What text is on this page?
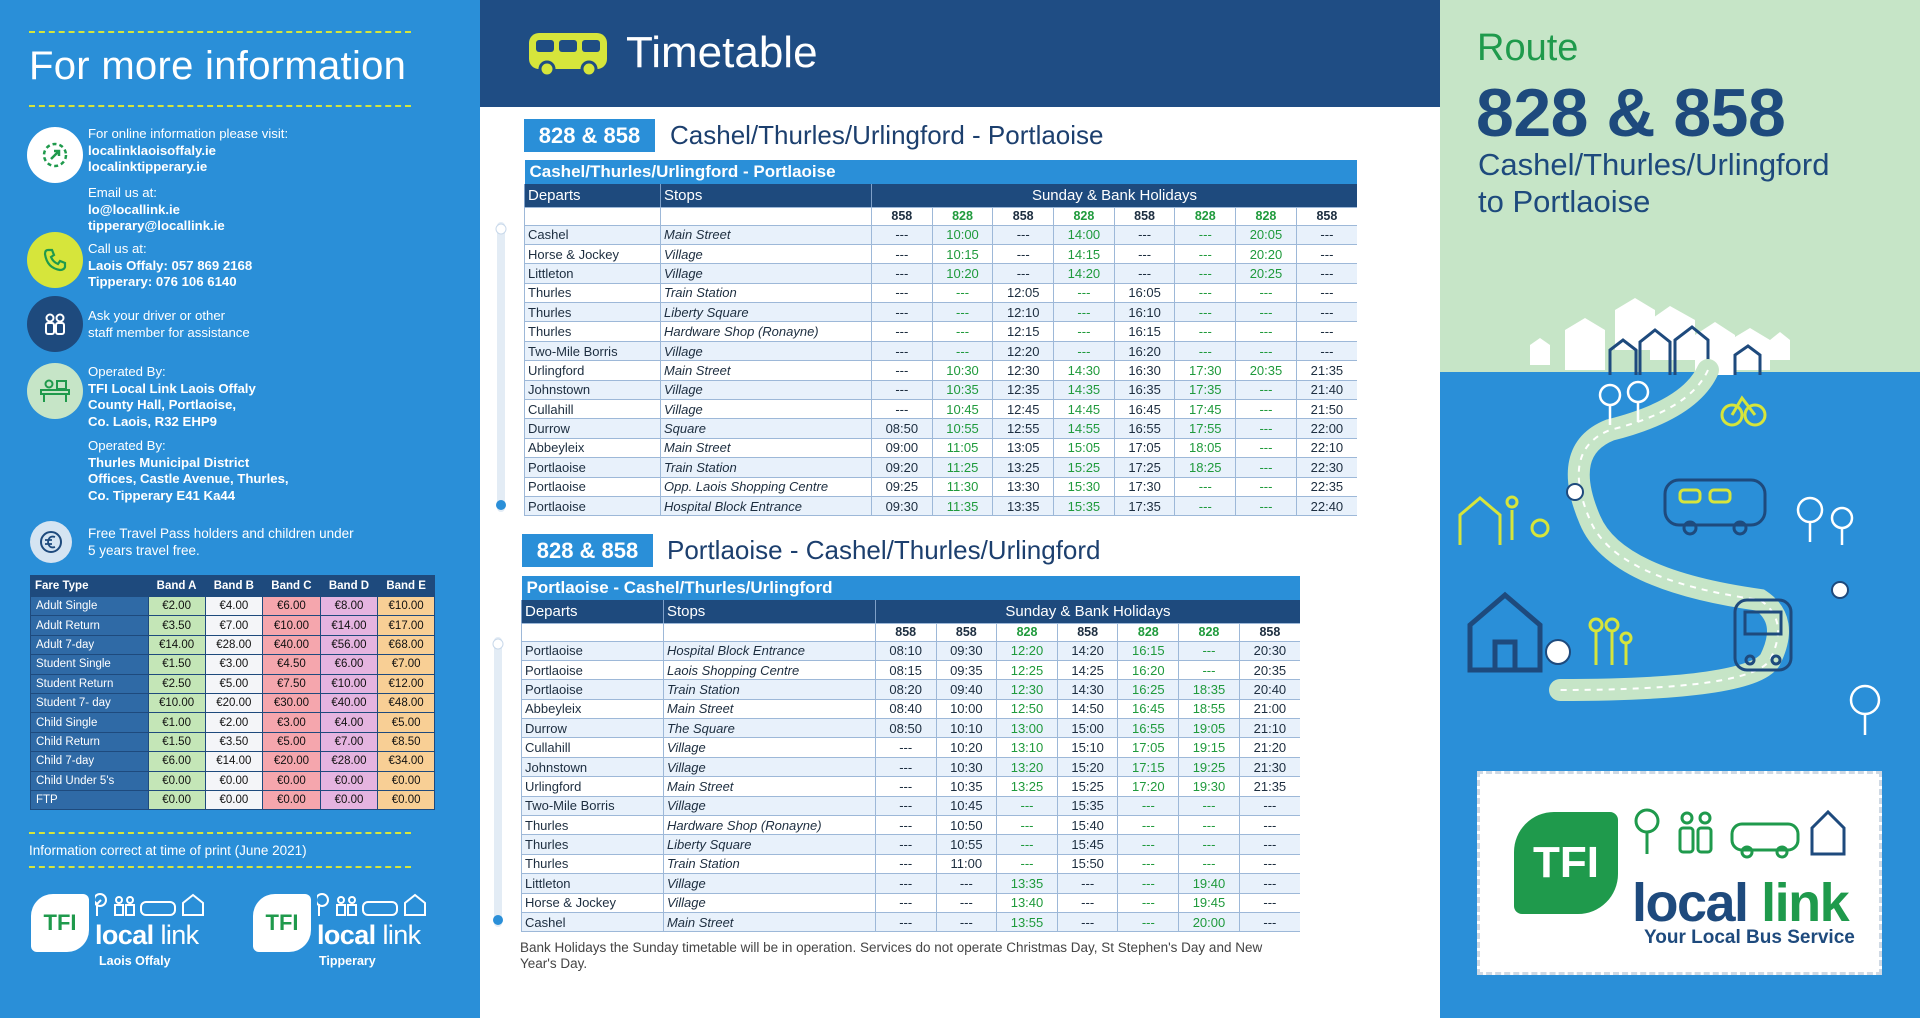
For more information
For online information please visit:
localinklaoisoffaly.ie
localinktipperary.ie
Email us at:
lo@locallink.ie
tipperary@locallink.ie
Call us at:
Laois Offaly: 057 869 2168
Tipperary: 076 106 6140
Ask your driver or other
staff member for assistance
Operated By:
TFI Local Link Laois Offaly
County Hall, Portlaoise,
Co. Laois, R32 EHP9
Operated By:
Thurles Municipal District
Offices, Castle Avenue, Thurles,
Co. Tipperary E41 Ka44
Free Travel Pass holders and children under
5 years travel free.
Fare Type	Band A	Band B	Band C	Band D	Band E
Adult Single	€2.00	€4.00	€6.00	€8.00	€10.00
Adult Return	€3.50	€7.00	€10.00	€14.00	€17.00
Adult 7-day	€14.00	€28.00	€40.00	€56.00	€68.00
Student Single	€1.50	€3.00	€4.50	€6.00	€7.00
Student Return	€2.50	€5.00	€7.50	€10.00	€12.00
Student 7- day	€10.00	€20.00	€30.00	€40.00	€48.00
Child Single	€1.00	€2.00	€3.00	€4.00	€5.00
Child Return	€1.50	€3.50	€5.00	€7.00	€8.50
Child 7-day	€6.00	€14.00	€20.00	€28.00	€34.00
Child Under 5's	€0.00	€0.00	€0.00	€0.00	€0.00
FTP	€0.00	€0.00	€0.00	€0.00	€0.00
Information correct at time of print (June 2021)
TFI local link
Laois Offaly
TFI local link
Tipperary
Timetable
828 & 858	Cashel/Thurles/Urlingford - Portlaoise
Cashel/Thurles/Urlingford - Portlaoise									
Departs	Stops	Sunday & Bank Holidays							
		858	828	858	828	858	828	828	858
Cashel	Main Street	---	10:00	---	14:00	---	---	20:05	---
Horse & Jockey	Village	---	10:15	---	14:15	---	---	20:20	---
Littleton	Village	---	10:20	---	14:20	---	---	20:25	---
Thurles	Train Station	---	---	12:05	---	16:05	---	---	---
Thurles	Liberty Square	---	---	12:10	---	16:10	---	---	---
Thurles	Hardware Shop (Ronayne)	---	---	12:15	---	16:15	---	---	---
Two-Mile Borris	Village	---	---	12:20	---	16:20	---	---	---
Urlingford	Main Street	---	10:30	12:30	14:30	16:30	17:30	20:35	21:35
Johnstown	Village	---	10:35	12:35	14:35	16:35	17:35	---	21:40
Cullahill	Village	---	10:45	12:45	14:45	16:45	17:45	---	21:50
Durrow	Square	08:50	10:55	12:55	14:55	16:55	17:55	---	22:00
Abbeyleix	Main Street	09:00	11:05	13:05	15:05	17:05	18:05	---	22:10
Portlaoise	Train Station	09:20	11:25	13:25	15:25	17:25	18:25	---	22:30
Portlaoise	Opp. Laois Shopping Centre	09:25	11:30	13:30	15:30	17:30	---	---	22:35
Portlaoise	Hospital Block Entrance	09:30	11:35	13:35	15:35	17:35	---	---	22:40
828 & 858	Portlaoise - Cashel/Thurles/Urlingford
Portlaoise - Cashel/Thurles/Urlingford								
Departs	Stops	Sunday & Bank Holidays						
		858	858	828	858	828	828	858
Portlaoise	Hospital Block Entrance	08:10	09:30	12:20	14:20	16:15	---	20:30
Portlaoise	Laois Shopping Centre	08:15	09:35	12:25	14:25	16:20	---	20:35
Portlaoise	Train Station	08:20	09:40	12:30	14:30	16:25	18:35	20:40
Abbeyleix	Main Street	08:40	10:00	12:50	14:50	16:45	18:55	21:00
Durrow	The Square	08:50	10:10	13:00	15:00	16:55	19:05	21:10
Cullahill	Village	---	10:20	13:10	15:10	17:05	19:15	21:20
Johnstown	Village	---	10:30	13:20	15:20	17:15	19:25	21:30
Urlingford	Main Street	---	10:35	13:25	15:25	17:20	19:30	21:35
Two-Mile Borris	Village	---	10:45	---	15:35	---	---	---
Thurles	Hardware Shop (Ronayne)	---	10:50	---	15:40	---	---	---
Thurles	Liberty Square	---	10:55	---	15:45	---	---	---
Thurles	Train Station	---	11:00	---	15:50	---	---	---
Littleton	Village	---	---	13:35	---	---	19:40	---
Horse & Jockey	Village	---	---	13:40	---	---	19:45	---
Cashel	Main Street	---	---	13:55	---	---	20:00	---
Bank Holidays the Sunday timetable will be in operation. Services do not operate Christmas Day, St Stephen's Day and New Year's Day.
Route
828 & 858
Cashel/Thurles/Urlingford
to Portlaoise
TFI
local link
Your Local Bus Service
